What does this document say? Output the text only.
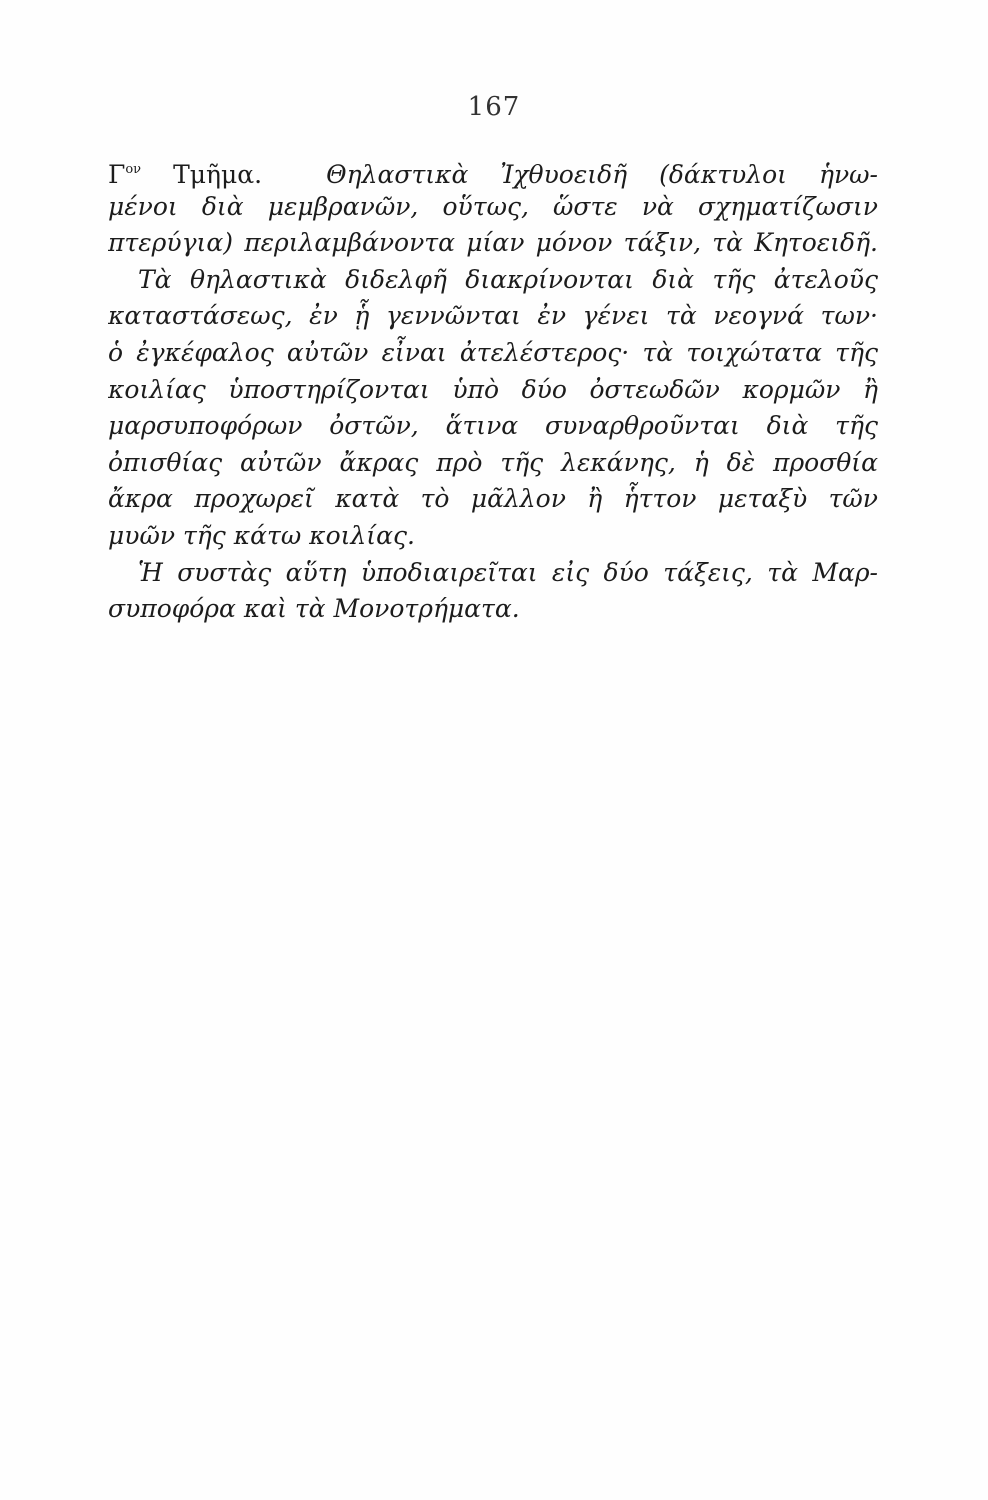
167
$\Gamma^{o\nu}$ Τμῆμα.	Θηλαστικὰ Ἰχθυοειδῆ (δάκτυλοι ἡνω-
μένοι διὰ μεμβρανῶν, οὕτως, ὥστε νὰ σχηματίζωσιν
πτερύγια) περιλαμβάνοντα μίαν μόνον τάξιν, τὰ Κητοειδῆ.
Τὰ θηλαστικὰ διδελφῆ διακρίνονται διὰ τῆς ἀτελοῦς
καταστάσεως, ἐν ᾗ γεννῶνται ἐν γένει τὰ νεογνά των·
ὁ ἐγκέφαλος αὐτῶν εἶναι ἀτελέστερος· τὰ τοιχώτατα τῆς
κοιλίας ὑποστηρίζονται ὑπὸ δύο ὀστεωδῶν κορμῶν ἢ
μαρσυποφόρων ὀστῶν, ἅτινα συναρθροῦνται διὰ τῆς
ὀπισθίας αὐτῶν ἄκρας πρὸ τῆς λεκάνης, ἡ δὲ προσθία
ἄκρα προχωρεῖ κατὰ τὸ μᾶλλον ἢ ἧττον μεταξὺ τῶν
μυῶν τῆς κάτω κοιλίας.
Ἡ συστὰς αὕτη ὑποδιαιρεῖται εἰς δύο τάξεις, τὰ Μαρ-
συποφόρα καὶ τὰ Μονοτρήματα.
